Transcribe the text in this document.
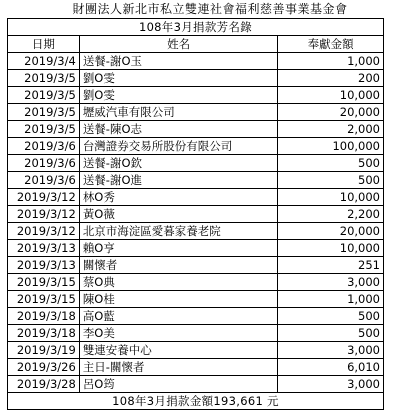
財團法人新北市私立雙連社會福利慈善事業基金會
108年3月捐款芳名錄		
日期	姓名	奉獻金額
2019/3/4	送餐-謝O玉	1,000
2019/3/5	劉O雯	200
2019/3/5	劉O雯	10,000
2019/3/5	壢威汽車有限公司	20,000
2019/3/5	送餐-陳O志	2,000
2019/3/6	台灣證券交易所股份有限公司	100,000
2019/3/6	送餐-謝O欽	500
2019/3/6	送餐-謝O進	500
2019/3/12	林O秀	10,000
2019/3/12	黃O薇	2,200
2019/3/12	北京市海淀區愛暮家養老院	20,000
2019/3/13	賴O亨	10,000
2019/3/13	關懷者	251
2019/3/15	蔡O典	3,000
2019/3/15	陳O桂	1,000
2019/3/18	高O藍	500
2019/3/18	李O美	500
2019/3/19	雙連安養中心	3,000
2019/3/26	主日-關懷者	6,010
2019/3/28	呂O筠	3,000
108年3月捐款金額193,661 元		
